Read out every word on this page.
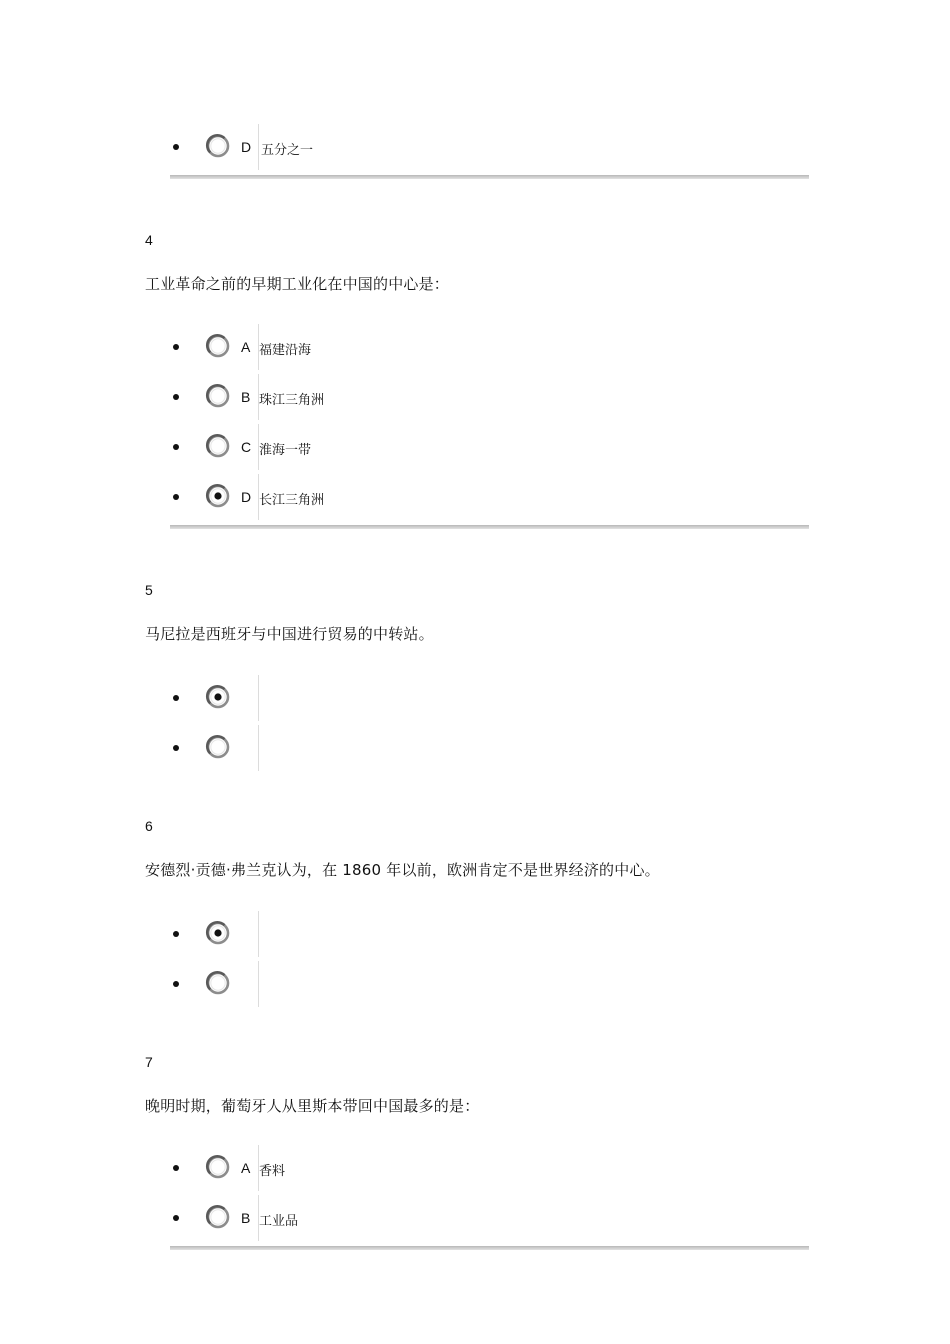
D 五分之一
4
工业革命之前的早期工业化在中国的中心是：
A 福建沿海
B 珠江三角洲
C 淮海一带
D 长江三角洲
5
马尼拉是西班牙与中国进行贸易的中转站。
6
安德烈·贡德·弗兰克认为，在 1860 年以前，欧洲肯定不是世界经济的中心。
7
晚明时期，葡萄牙人从里斯本带回中国最多的是：
A 香料
B 工业品
